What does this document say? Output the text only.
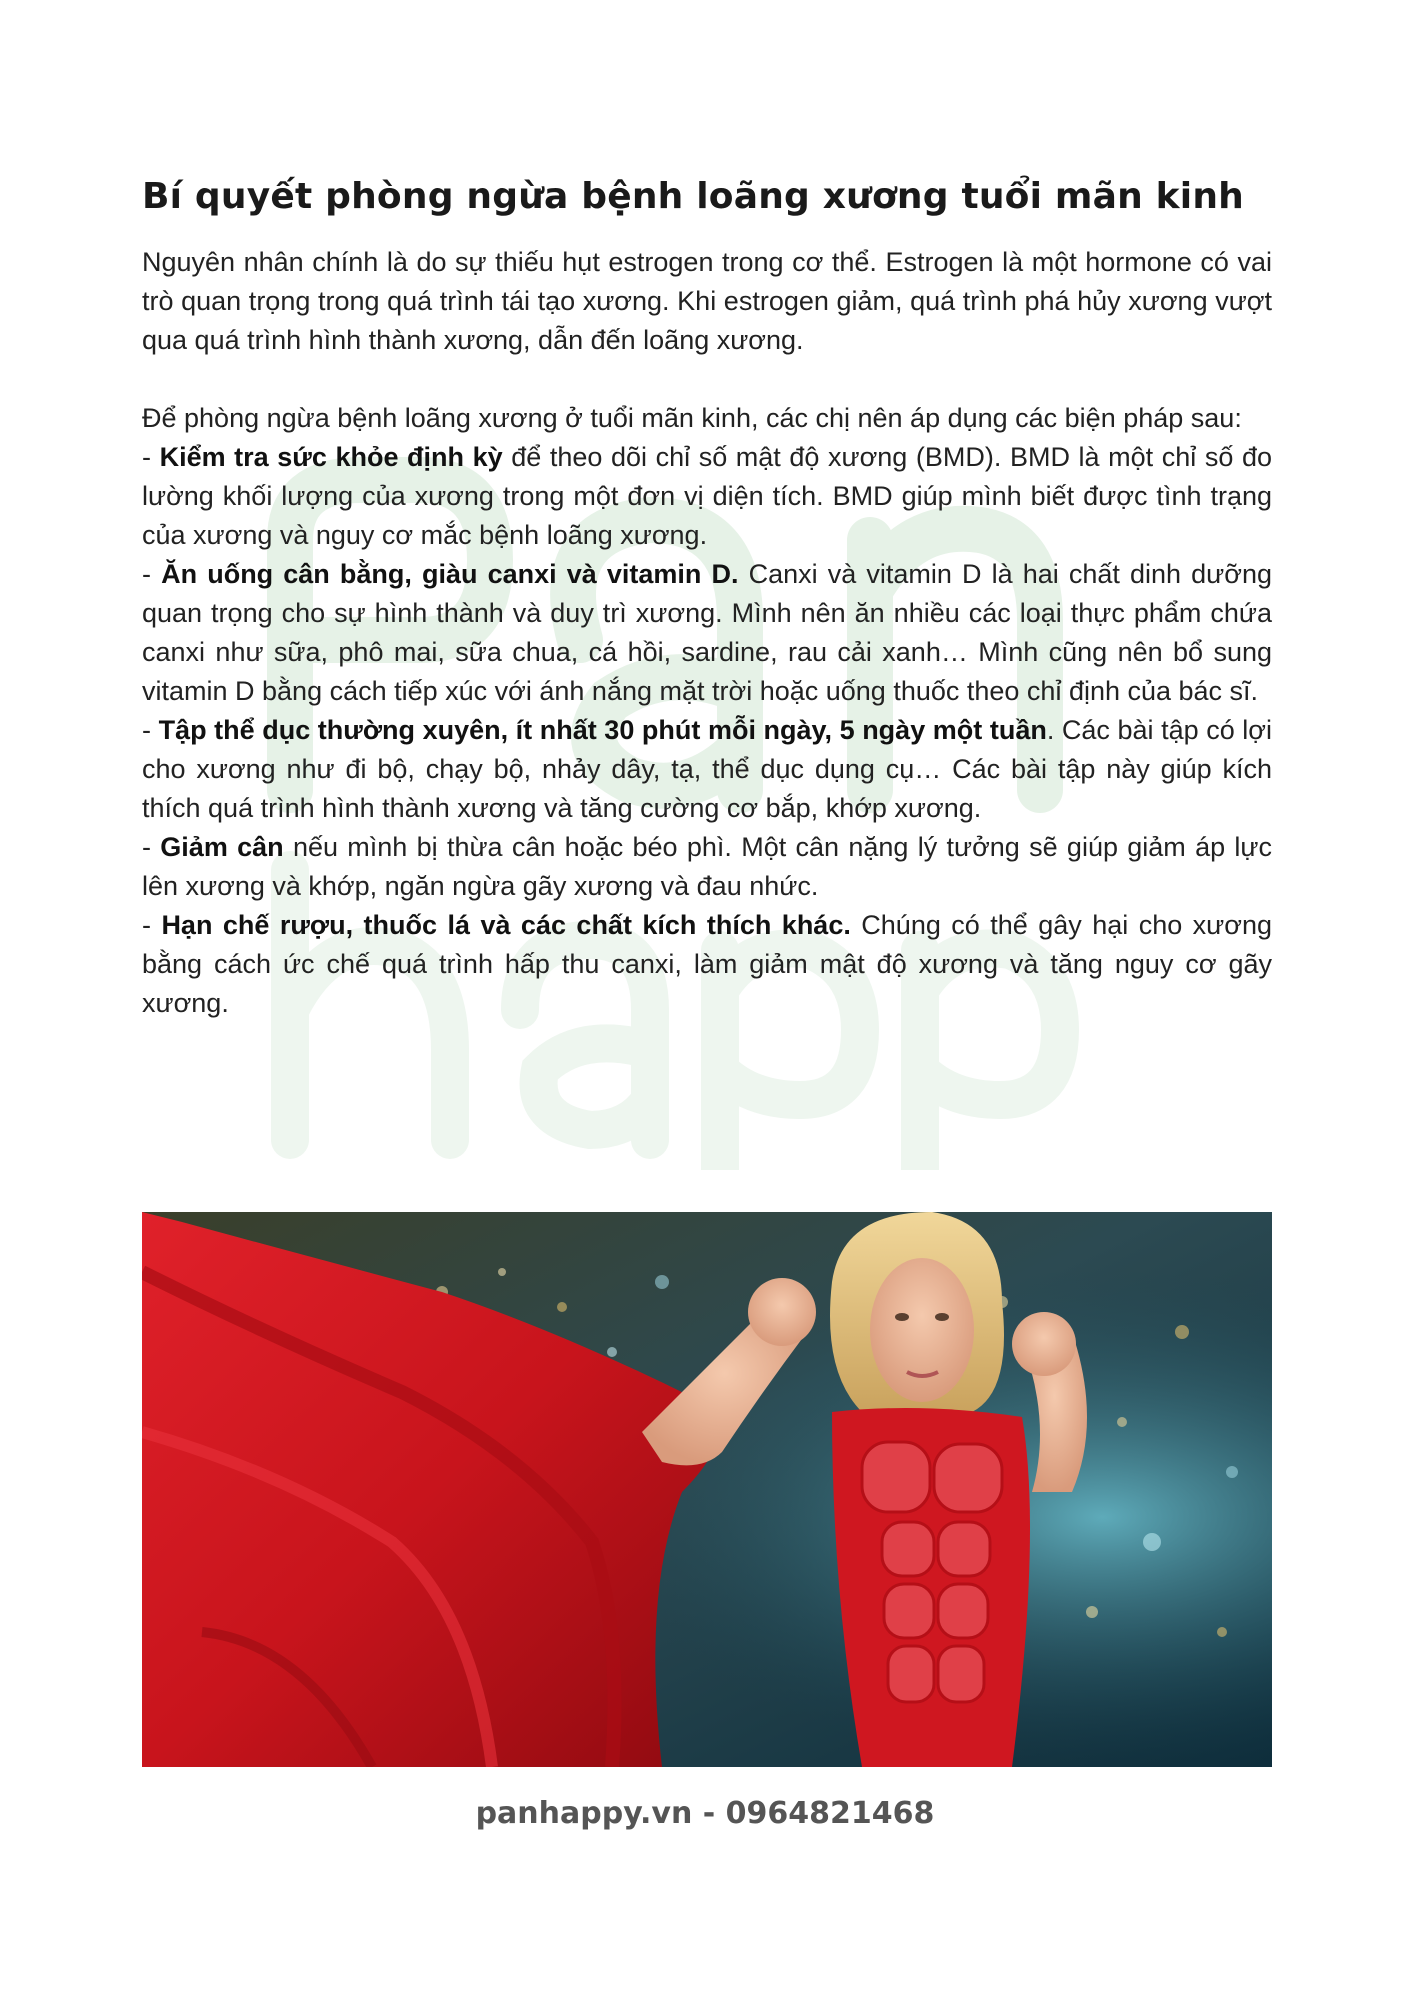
Bí quyết phòng ngừa bệnh loãng xương tuổi mãn kinh

Nguyên nhân chính là do sự thiếu hụt estrogen trong cơ thể. Estrogen là một hormone có vai trò quan trọng trong quá trình tái tạo xương. Khi estrogen giảm, quá trình phá hủy xương vượt qua quá trình hình thành xương, dẫn đến loãng xương.

Để phòng ngừa bệnh loãng xương ở tuổi mãn kinh, các chị nên áp dụng các biện pháp sau:

- Kiểm tra sức khỏe định kỳ để theo dõi chỉ số mật độ xương (BMD). BMD là một chỉ số đo lường khối lượng của xương trong một đơn vị diện tích. BMD giúp mình biết được tình trạng của xương và nguy cơ mắc bệnh loãng xương.
- Ăn uống cân bằng, giàu canxi và vitamin D. Canxi và vitamin D là hai chất dinh dưỡng quan trọng cho sự hình thành và duy trì xương. Mình nên ăn nhiều các loại thực phẩm chứa canxi như sữa, phô mai, sữa chua, cá hồi, sardine, rau cải xanh… Mình cũng nên bổ sung vitamin D bằng cách tiếp xúc với ánh nắng mặt trời hoặc uống thuốc theo chỉ định của bác sĩ.
- Tập thể dục thường xuyên, ít nhất 30 phút mỗi ngày, 5 ngày một tuần. Các bài tập có lợi cho xương như đi bộ, chạy bộ, nhảy dây, tạ, thể dục dụng cụ… Các bài tập này giúp kích thích quá trình hình thành xương và tăng cường cơ bắp, khớp xương.
- Giảm cân nếu mình bị thừa cân hoặc béo phì. Một cân nặng lý tưởng sẽ giúp giảm áp lực lên xương và khớp, ngăn ngừa gãy xương và đau nhức.
- Hạn chế rượu, thuốc lá và các chất kích thích khác. Chúng có thể gây hại cho xương bằng cách ức chế quá trình hấp thu canxi, làm giảm mật độ xương và tăng nguy cơ gãy xương.
panhappy.vn - 0964821468
